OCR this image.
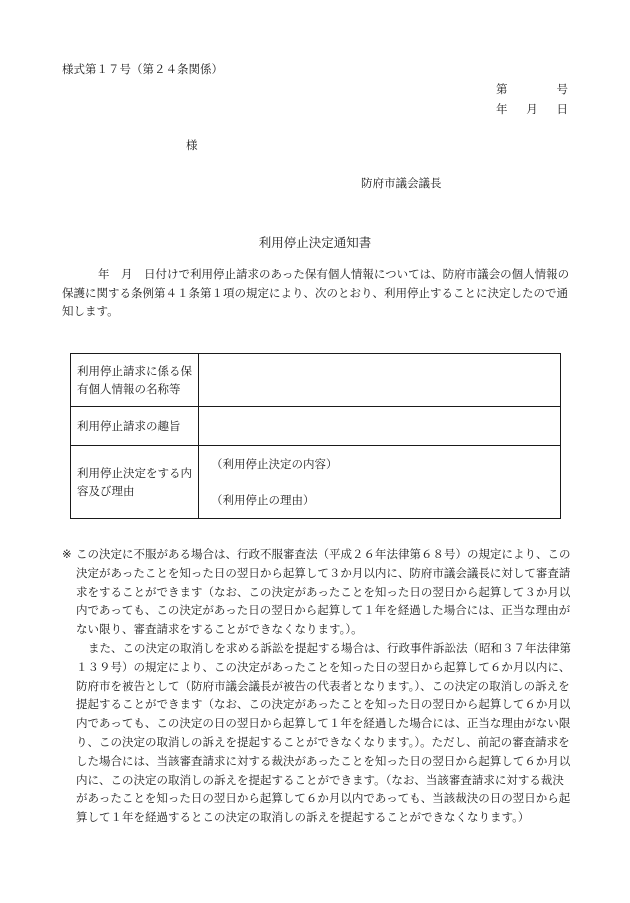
様式第１７号（第２４条関係）
第	号
年 月 日
様
防府市議会議長
利用停止決定通知書
年　月　日付けで利用停止請求のあった保有個人情報については、防府市議会の個人情報の保護に関する条例第４１条第１項の規定により、次のとおり、利用停止することに決定したので通知します。
利用停止請求に係る保有個人情報の名称等	
利用停止請求の趣旨	
利用停止決定をする内容及び理由	（利用停止決定の内容）
（利用停止の理由）
※ この決定に不服がある場合は、行政不服審査法（平成２６年法律第６８号）の規定により、この決定があったことを知った日の翌日から起算して３か月以内に、防府市議会議長に対して審査請求をすることができます（なお、この決定があったことを知った日の翌日から起算して３か月以内であっても、この決定があった日の翌日から起算して１年を経過した場合には、正当な理由がない限り、審査請求をすることができなくなります。）。
また、この決定の取消しを求める訴訟を提起する場合は、行政事件訴訟法（昭和３７年法律第１３９号）の規定により、この決定があったことを知った日の翌日から起算して６か月以内に、防府市を被告として（防府市議会議長が被告の代表者となります。）、この決定の取消しの訴えを提起することができます（なお、この決定があったことを知った日の翌日から起算して６か月以内であっても、この決定の日の翌日から起算して１年を経過した場合には、正当な理由がない限り、この決定の取消しの訴えを提起することができなくなります。）。ただし、前記の審査請求をした場合には、当該審査請求に対する裁決があったことを知った日の翌日から起算して６か月以内に、この決定の取消しの訴えを提起することができます。（なお、当該審査請求に対する裁決があったことを知った日の翌日から起算して６か月以内であっても、当該裁決の日の翌日から起算して１年を経過するとこの決定の取消しの訴えを提起することができなくなります。）
